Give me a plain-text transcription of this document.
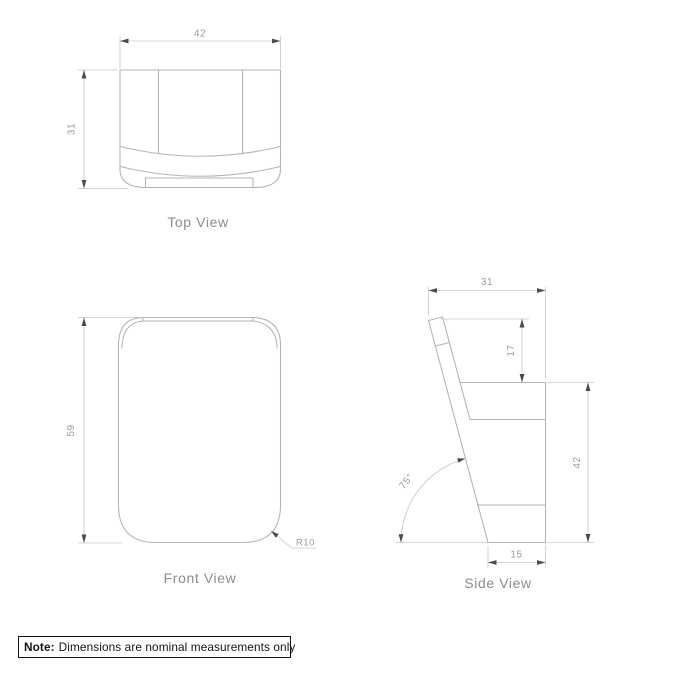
42
31
Top View
59
R10
Front View
31
17
42
75°
15
Side View
Note: Dimensions are nominal measurements only
